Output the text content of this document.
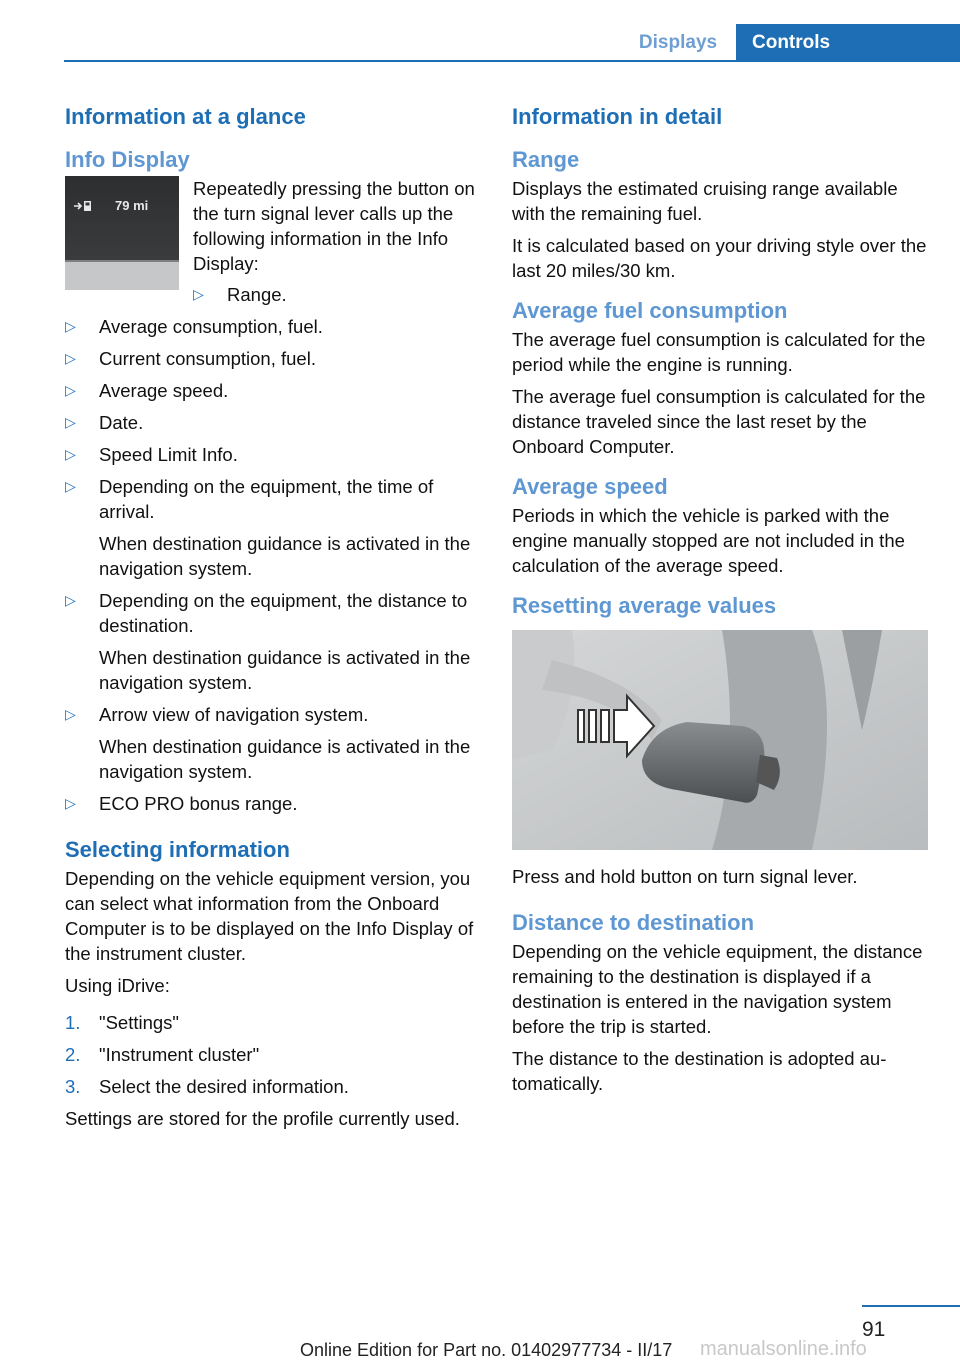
Displays	Controls
Information at a glance
Info Display
79 mi

Repeatedly pressing the button on the turn signal lever calls up the following information in the Info Display:

▷ Range.
▷ Average consumption, fuel.
▷ Current consumption, fuel.
▷ Average speed.
▷ Date.
▷ Speed Limit Info.
▷ Depending on the equipment, the time of arrival.
When destination guidance is activated in the navigation system.
▷ Depending on the equipment, the distance to destination.
When destination guidance is activated in the navigation system.
▷ Arrow view of navigation system.
When destination guidance is activated in the navigation system.
▷ ECO PRO bonus range.
Selecting information

Depending on the vehicle equipment version, you can select what information from the Onboard Computer is to be displayed on the Info Display of the instrument cluster.

Using iDrive:

1. "Settings"
2. "Instrument cluster"
3. Select the desired information.

Settings are stored for the profile currently used.

Information in detail
Range

Displays the estimated cruising range available with the remaining fuel.

It is calculated based on your driving style over the last 20 miles/30 km.

Average fuel consumption

The average fuel consumption is calculated for the period while the engine is running.

The average fuel consumption is calculated for the distance traveled since the last reset by the Onboard Computer.

Average speed

Periods in which the vehicle is parked with the engine manually stopped are not included in the calculation of the average speed.

Resetting average values

Press and hold button on turn signal lever.

Distance to destination

Depending on the vehicle equipment, the distance remaining to the destination is displayed if a destination is entered in the navigation system before the trip is started.

The distance to the destination is adopted automatically.

91
Online Edition for Part no. 01402977734 - II/17 manualsonline.info
